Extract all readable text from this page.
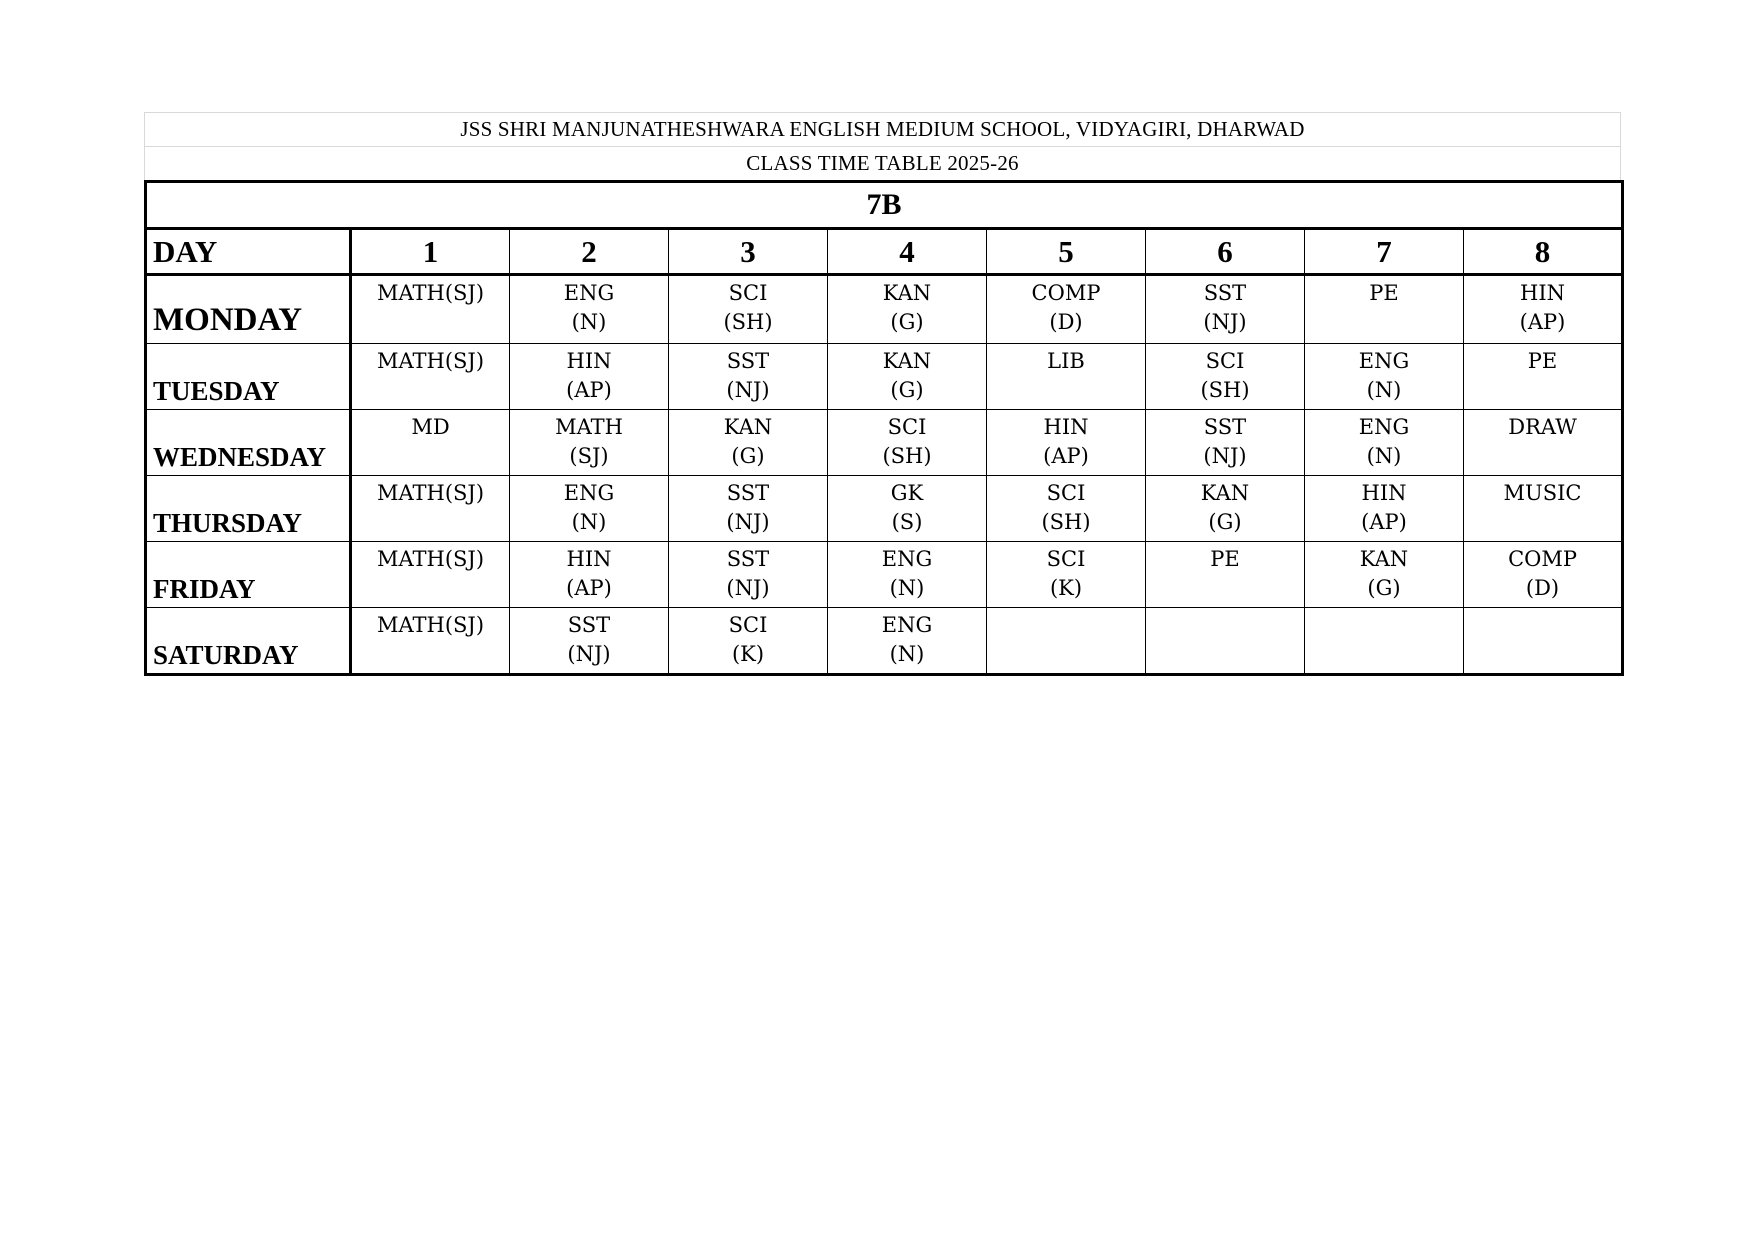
JSS SHRI MANJUNATHESHWARA ENGLISH MEDIUM SCHOOL, VIDYAGIRI, DHARWAD
CLASS TIME TABLE 2025-26
7B								
DAY	1	2	3	4	5	6	7	8
MONDAY	MATH(SJ)	ENG
(N)	SCI
(SH)	KAN
(G)	COMP
(D)	SST
(NJ)	PE	HIN
(AP)

TUESDAY	MATH(SJ)	HIN
(AP)	SST
(NJ)	KAN
(G)	LIB	SCI
(SH)	ENG
(N)	PE

WEDNESDAY	MD	MATH
(SJ)	KAN
(G)	SCI
(SH)	HIN
(AP)	SST
(NJ)	ENG
(N)	DRAW

THURSDAY	MATH(SJ)	ENG
(N)	SST
(NJ)	GK
(S)	SCI
(SH)	KAN
(G)	HIN
(AP)	MUSIC

FRIDAY	MATH(SJ)	HIN
(AP)	SST
(NJ)	ENG
(N)	SCI
(K)	PE	KAN
(G)	COMP
(D)

SATURDAY	MATH(SJ)	SST
(NJ)	SCI
(K)	ENG
(N)				
